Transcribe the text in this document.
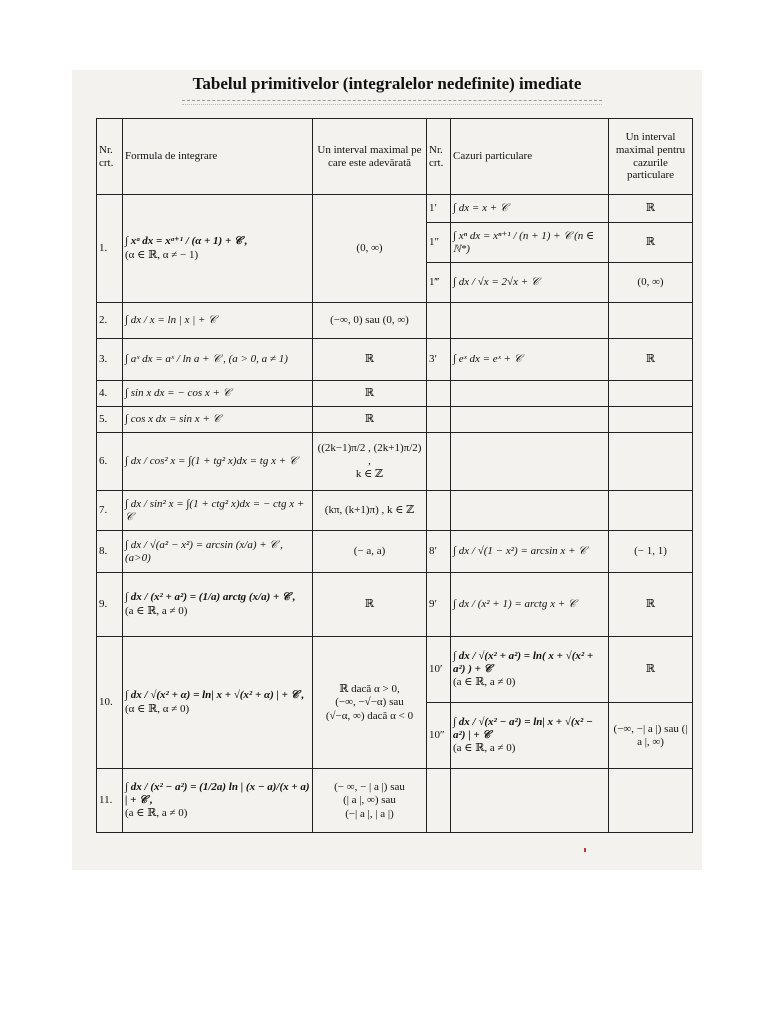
Tabelul primitivelor (integralelor nedefinite) imediate
Nr. crt.	Formula de integrare	Un interval maximal pe care este adevărată	Nr. crt.	Cazuri particulare	Un interval maximal pentru cazurile particulare
1.	∫ xᵅ dx = xᵅ⁺¹ / (α + 1) + 𝒞 ,
(α ∈ ℝ, α ≠ − 1)	(0, ∞)	1′	∫ dx = x + 𝒞	ℝ
			1″	∫ xⁿ dx = xⁿ⁺¹ / (n + 1) + 𝒞 (n ∈ ℕ*)	ℝ
			1‴	∫ dx / √x = 2√x + 𝒞	(0, ∞)
2.	∫ dx / x = ln | x | + 𝒞	(−∞, 0) sau (0, ∞)			
3.	∫ aˣ dx = aˣ / ln a + 𝒞 , (a > 0, a ≠ 1)	ℝ	3′	∫ eˣ dx = eˣ + 𝒞	ℝ
4.	∫ sin x dx = − cos x + 𝒞	ℝ			
5.	∫ cos x dx = sin x + 𝒞	ℝ			
6.	∫ dx / cos² x = ∫(1 + tg² x)dx = tg x + 𝒞	((2k−1)π/2 , (2k+1)π/2) ,
k ∈ ℤ			

7.	∫ dx / sin² x = ∫(1 + ctg² x)dx = − ctg x + 𝒞	(kπ, (k+1)π) , k ∈ ℤ			
8.	∫ dx / √(a² − x²) = arcsin (x/a) + 𝒞 , (a>0)	(− a, a)	8′	∫ dx / √(1 − x²) = arcsin x + 𝒞	(− 1, 1)
9.	∫ dx / (x² + a²) = (1/a) arctg (x/a) + 𝒞 ,
(a ∈ ℝ, a ≠ 0)	ℝ	9′	∫ dx / (x² + 1) = arctg x + 𝒞	ℝ
10.	∫ dx / √(x² + α) = ln| x + √(x² + α) | + 𝒞 ,
(α ∈ ℝ, α ≠ 0)	ℝ dacă α > 0,
(−∞, −√−α) sau
(√−α, ∞) dacă α < 0	10′	∫ dx / √(x² + a²) = ln( x + √(x² + a²) ) + 𝒞
(a ∈ ℝ, a ≠ 0)	ℝ
			10″	∫ dx / √(x² − a²) = ln| x + √(x² − a²) | + 𝒞
(a ∈ ℝ, a ≠ 0)	(−∞, −| a |) sau (| a |, ∞)
11.	∫ dx / (x² − a²) = (1/2a) ln | (x − a)/(x + a) | + 𝒞 ,
(a ∈ ℝ, a ≠ 0)	(− ∞, − | a |) sau
(| a |, ∞) sau
(−| a |, | a |)			
